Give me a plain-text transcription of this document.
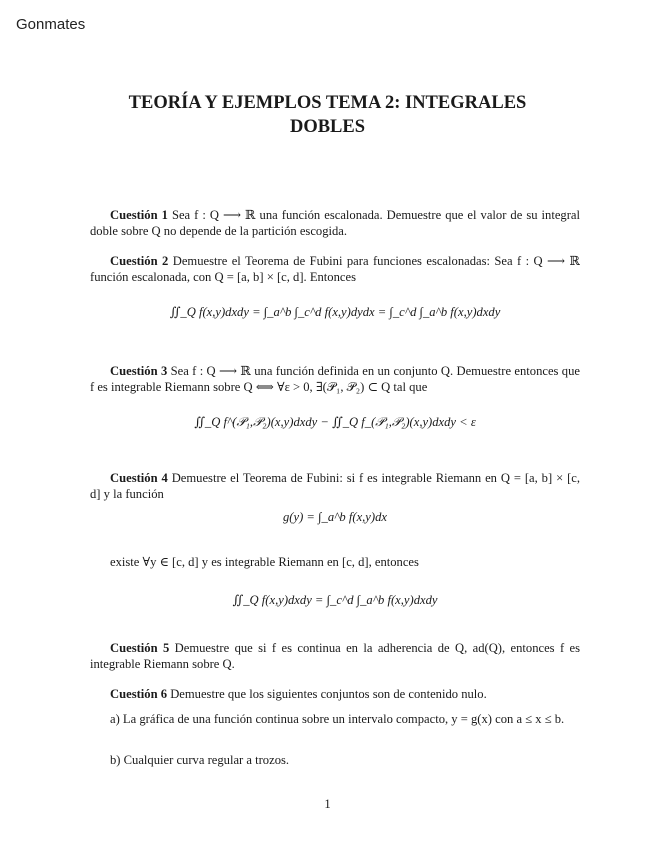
Gonmates
TEORÍA Y EJEMPLOS TEMA 2: INTEGRALES
DOBLES
Cuestión 1 Sea f : Q ⟶ ℝ una función escalonada. Demuestre que el valor de su integral doble sobre Q no depende de la partición escogida.
Cuestión 2 Demuestre el Teorema de Fubini para funciones escalonadas: Sea f : Q ⟶ ℝ función escalonada, con Q = [a, b] × [c, d]. Entonces
∬_Q f(x,y)dxdy = ∫_a^b ∫_c^d f(x,y)dydx = ∫_c^d ∫_a^b f(x,y)dxdy
Cuestión 3 Sea f : Q ⟶ ℝ una función definida en un conjunto Q. Demuestre entonces que f es integrable Riemann sobre Q ⟺ ∀ε > 0, ∃(𝒫₁, 𝒫₂) ⊂ Q tal que
∬_Q f^(𝒫₁,𝒫₂)(x,y)dxdy − ∬_Q f_(𝒫₁,𝒫₂)(x,y)dxdy < ε
Cuestión 4 Demuestre el Teorema de Fubini: si f es integrable Riemann en Q = [a, b] × [c, d] y la función
g(y) = ∫_a^b f(x,y)dx
existe ∀y ∈ [c, d] y es integrable Riemann en [c, d], entonces
∬_Q f(x,y)dxdy = ∫_c^d ∫_a^b f(x,y)dxdy
Cuestión 5 Demuestre que si f es continua en la adherencia de Q, ad(Q), entonces f es integrable Riemann sobre Q.
Cuestión 6 Demuestre que los siguientes conjuntos son de contenido nulo.
a) La gráfica de una función continua sobre un intervalo compacto, y = g(x) con a ≤ x ≤ b.
b) Cualquier curva regular a trozos.
1
